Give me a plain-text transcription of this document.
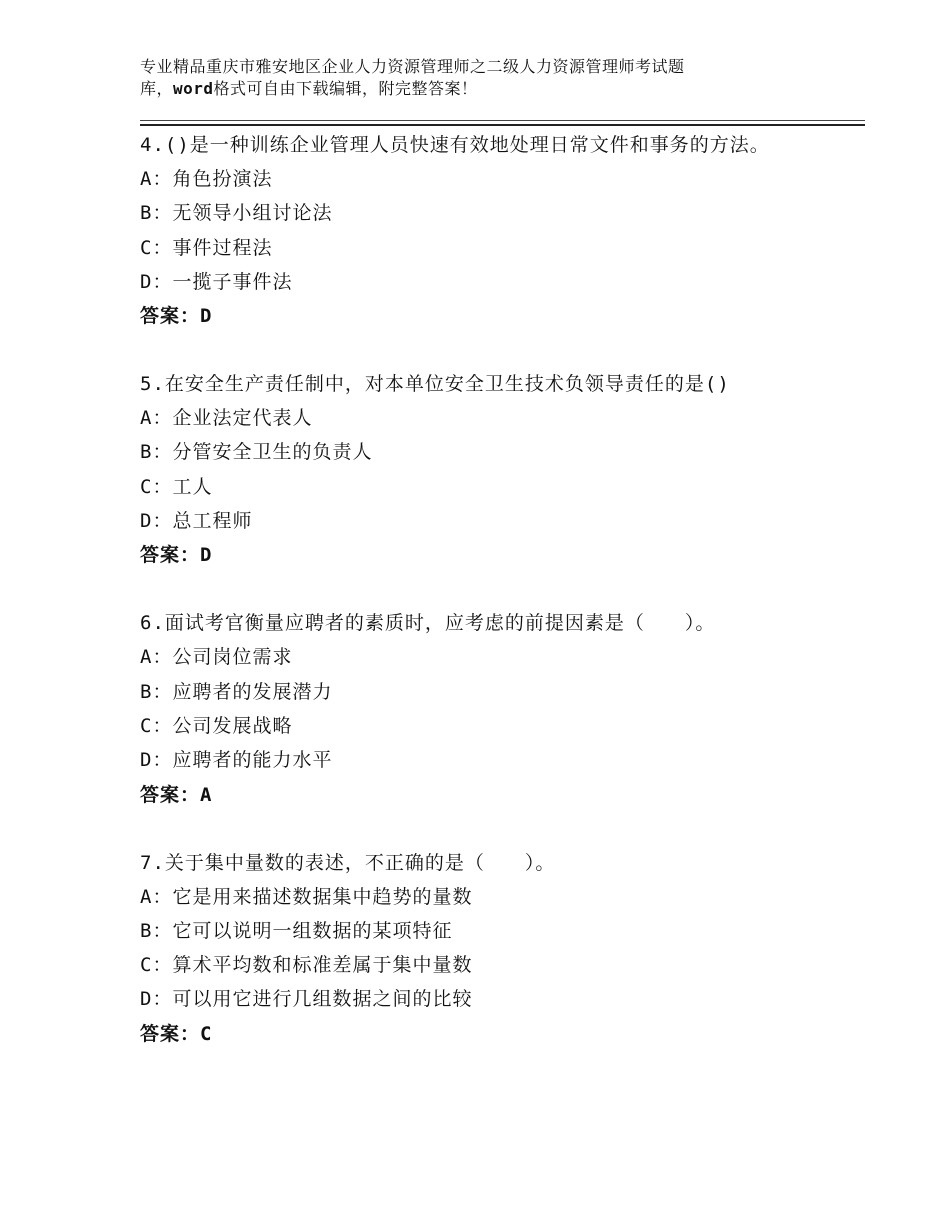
专业精品重庆市雅安地区企业人力资源管理师之二级人力资源管理师考试题
库，word格式可自由下载编辑，附完整答案！

4.()是一种训练企业管理人员快速有效地处理日常文件和事务的方法。

A：角色扮演法

B：无领导小组讨论法

C：事件过程法

D：一揽子事件法

答案：D

5.在安全生产责任制中，对本单位安全卫生技术负领导责任的是()

A：企业法定代表人

B：分管安全卫生的负责人

C：工人

D：总工程师

答案：D

6.面试考官衡量应聘者的素质时，应考虑的前提因素是（　　）。

A：公司岗位需求

B：应聘者的发展潜力

C：公司发展战略

D：应聘者的能力水平

答案：A

7.关于集中量数的表述，不正确的是（　　）。

A：它是用来描述数据集中趋势的量数

B：它可以说明一组数据的某项特征

C：算术平均数和标准差属于集中量数

D：可以用它进行几组数据之间的比较

答案：C
